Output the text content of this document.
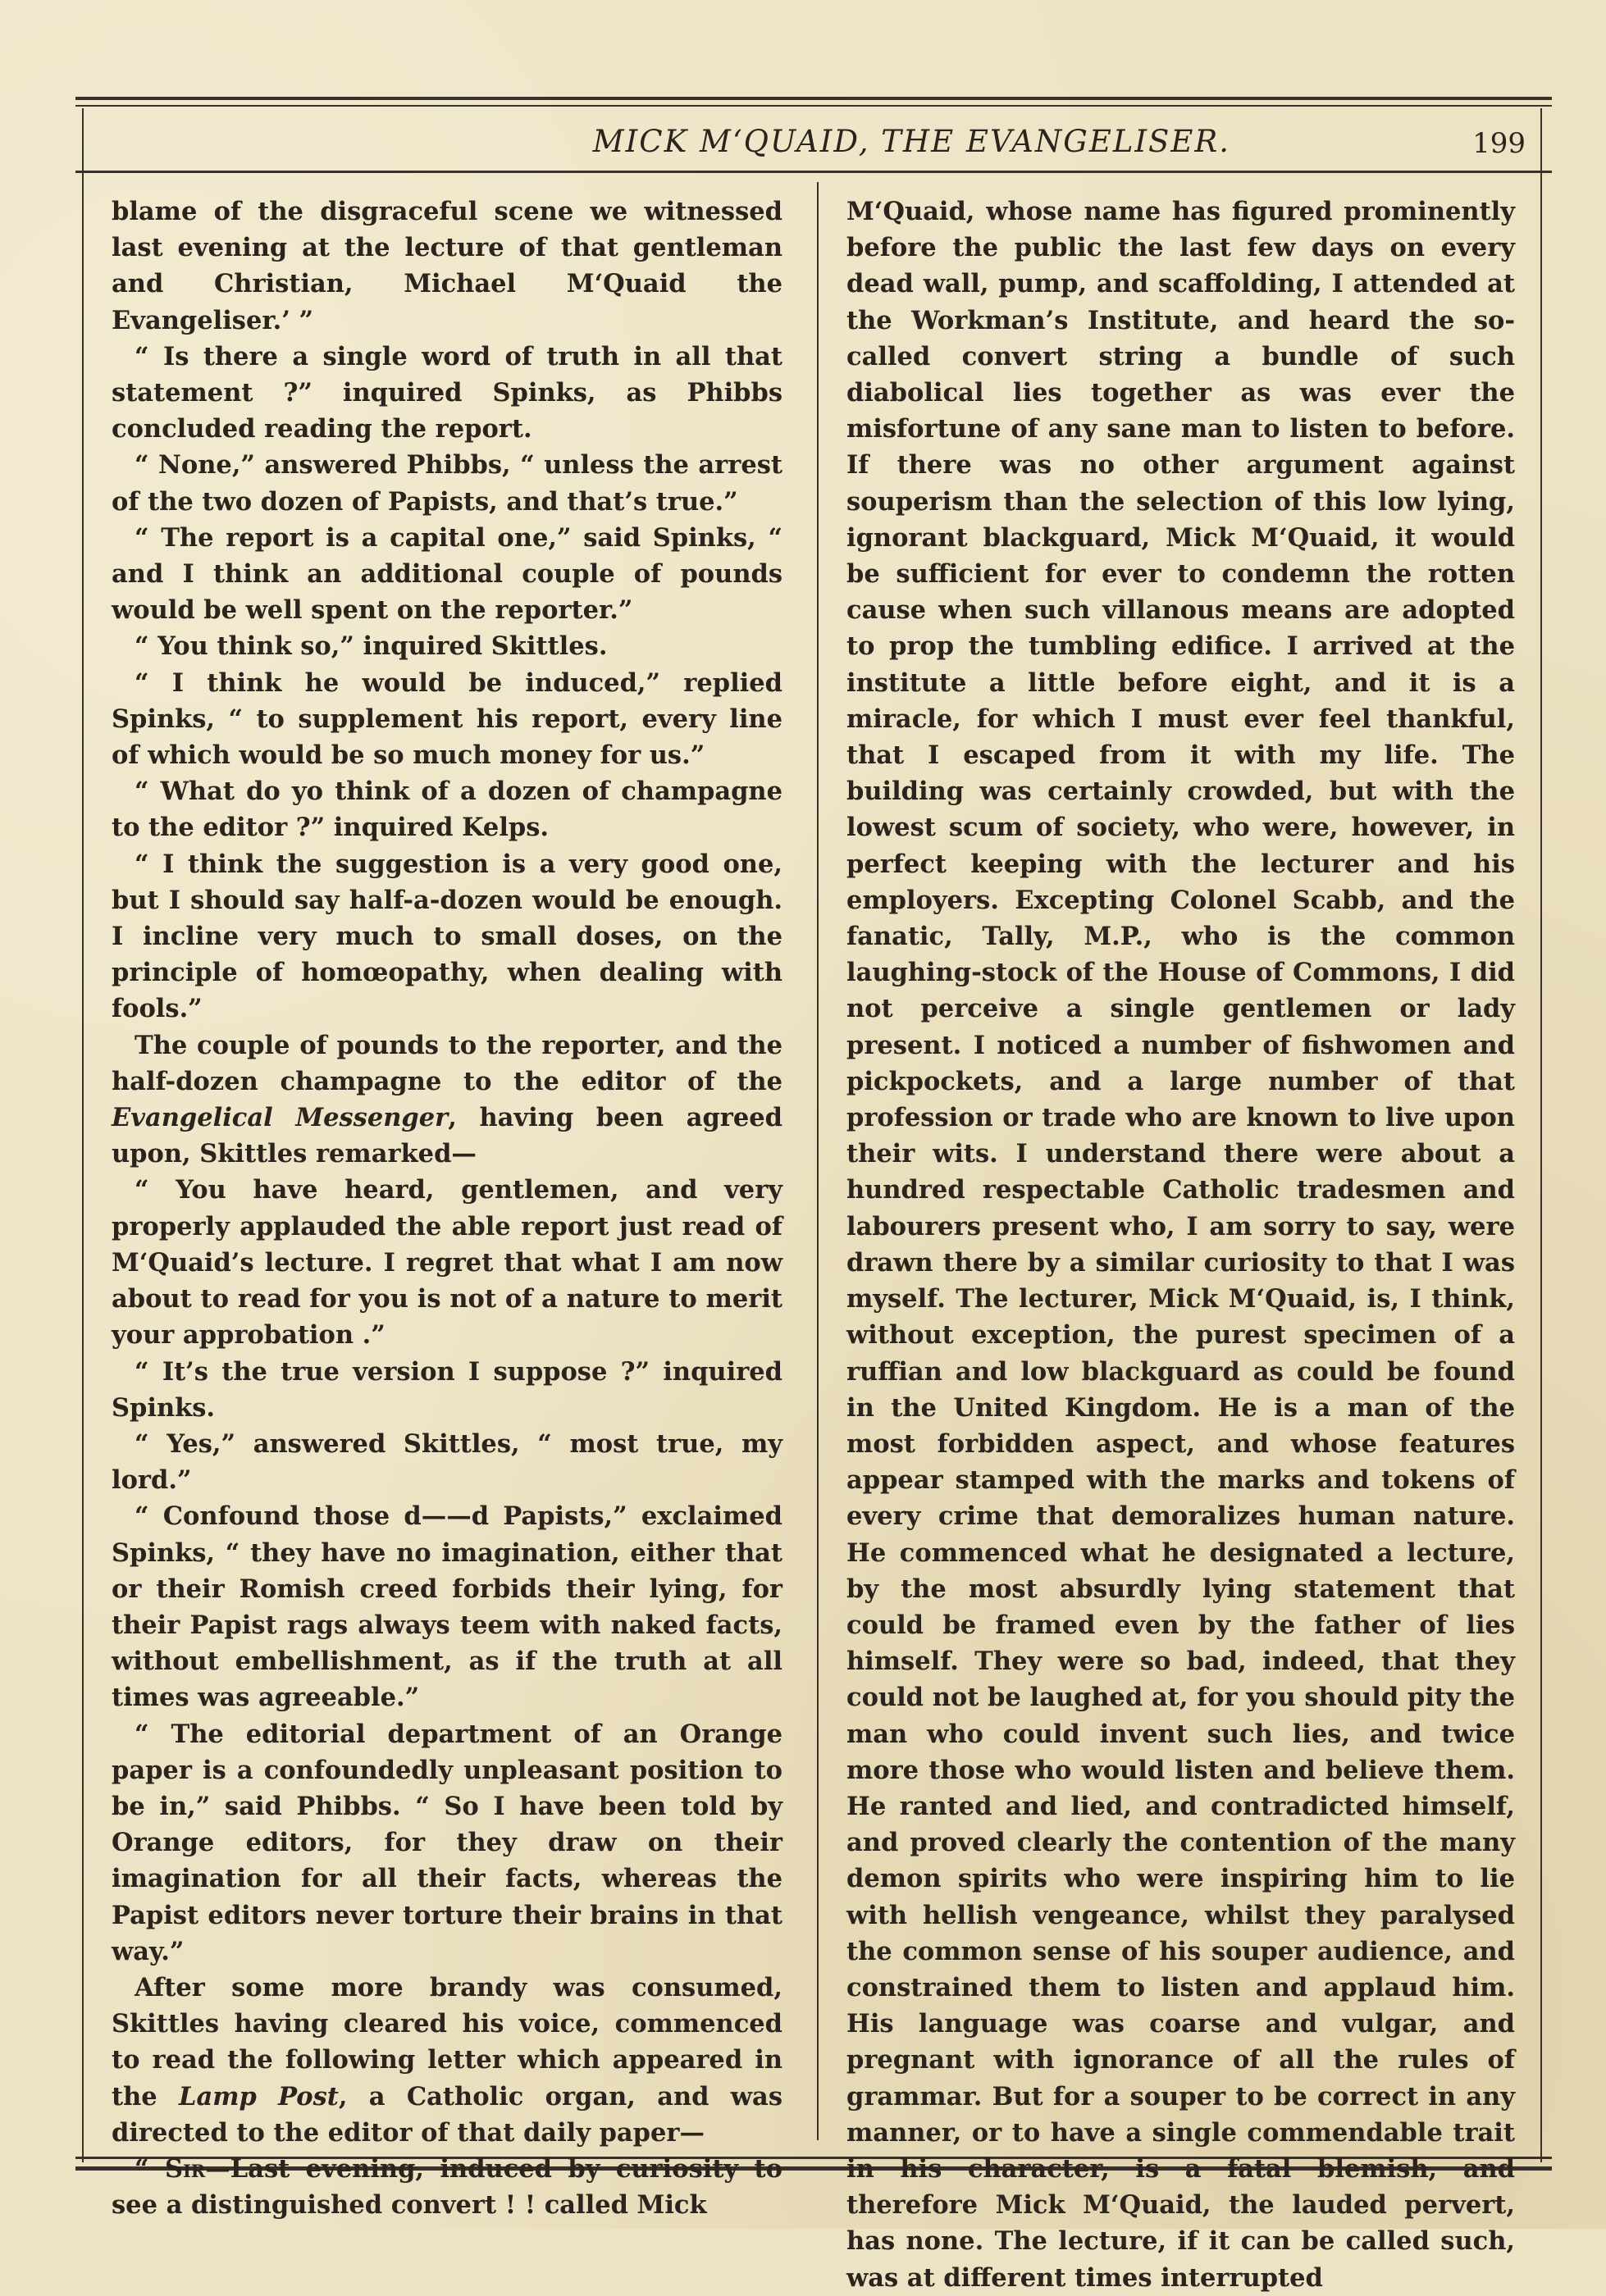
MICK M‘QUAID, THE EVANGELISER.	199

blame of the disgraceful scene we witnessed last evening at the lecture of that gentleman and Christian, Michael M‘Quaid the Evangeliser.’ ”

“ Is there a single word of truth in all that statement ?” inquired Spinks, as Phibbs concluded reading the report.

“ None,” answered Phibbs, “ unless the arrest of the two dozen of Papists, and that’s true.”

“ The report is a capital one,” said Spinks, “ and I think an additional couple of pounds would be well spent on the reporter.”

“ You think so,” inquired Skittles.

“ I think he would be induced,” replied Spinks, “ to supplement his report, every line of which would be so much money for us.”

“ What do yo think of a dozen of champagne to the editor ?” inquired Kelps.

“ I think the suggestion is a very good one, but I should say half-a-dozen would be enough. I incline very much to small doses, on the principle of homœopathy, when dealing with fools.”

The couple of pounds to the reporter, and the half-dozen champagne to the editor of the Evangelical Messenger, having been agreed upon, Skittles remarked—

“ You have heard, gentlemen, and very properly applauded the able report just read of M‘Quaid’s lecture. I regret that what I am now about to read for you is not of a nature to merit your approbation .”

“ It’s the true version I suppose ?” inquired Spinks.

“ Yes,” answered Skittles, “ most true, my lord.”

“ Confound those d——d Papists,” exclaimed Spinks, “ they have no imagination, either that or their Romish creed forbids their lying, for their Papist rags always teem with naked facts, without embellishment, as if the truth at all times was agreeable.”

“ The editorial department of an Orange paper is a confoundedly unpleasant position to be in,” said Phibbs. “ So I have been told by Orange editors, for they draw on their imagination for all their facts, whereas the Papist editors never torture their brains in that way.”

After some more brandy was consumed, Skittles having cleared his voice, commenced to read the following letter which appeared in the Lamp Post, a Catholic organ, and was directed to the editor of that daily paper—

“ Sir—Last evening, induced by curiosity to see a distinguished convert ! ! called Mick

M‘Quaid, whose name has figured prominently before the public the last few days on every dead wall, pump, and scaffolding, I attended at the Workman’s Institute, and heard the so-called convert string a bundle of such diabolical lies together as was ever the misfortune of any sane man to listen to before. If there was no other argument against souperism than the selection of this low lying, ignorant blackguard, Mick M‘Quaid, it would be sufficient for ever to condemn the rotten cause when such villanous means are adopted to prop the tumbling edifice. I arrived at the institute a little before eight, and it is a miracle, for which I must ever feel thankful, that I escaped from it with my life. The building was certainly crowded, but with the lowest scum of society, who were, however, in perfect keeping with the lecturer and his employers. Excepting Colonel Scabb, and the fanatic, Tally, M.P., who is the common laughing-stock of the House of Commons, I did not perceive a single gentlemen or lady present. I noticed a number of fishwomen and pickpockets, and a large number of that profession or trade who are known to live upon their wits. I understand there were about a hundred respectable Catholic tradesmen and labourers present who, I am sorry to say, were drawn there by a similar curiosity to that I was myself. The lecturer, Mick M‘Quaid, is, I think, without exception, the purest specimen of a ruffian and low blackguard as could be found in the United Kingdom. He is a man of the most forbidden aspect, and whose features appear stamped with the marks and tokens of every crime that demoralizes human nature. He commenced what he designated a lecture, by the most absurdly lying statement that could be framed even by the father of lies himself. They were so bad, indeed, that they could not be laughed at, for you should pity the man who could invent such lies, and twice more those who would listen and believe them. He ranted and lied, and contradicted himself, and proved clearly the contention of the many demon spirits who were inspiring him to lie with hellish vengeance, whilst they paralysed the common sense of his souper audience, and constrained them to listen and applaud him. His language was coarse and vulgar, and pregnant with ignorance of all the rules of grammar. But for a souper to be correct in any manner, or to have a single commendable trait in his character, is a fatal blemish, and therefore Mick M‘Quaid, the lauded pervert, has none. The lecture, if it can be called such, was at different times interrupted
